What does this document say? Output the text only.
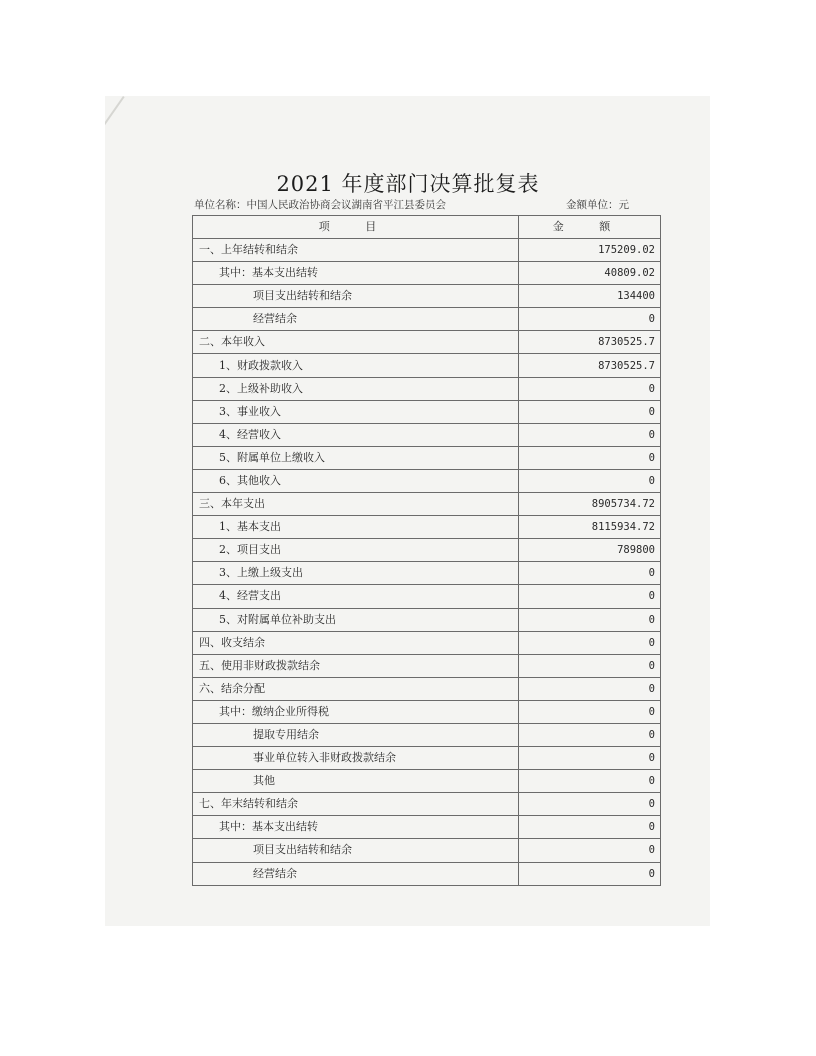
2021 年度部门决算批复表
单位名称：中国人民政治协商会议湖南省平江县委员会	金额单位：元
项 目	金 额
一、上年结转和结余	175209.02
其中：基本支出结转	40809.02
项目支出结转和结余	134400
经营结余	0
二、本年收入	8730525.7
1、财政拨款收入	8730525.7
2、上级补助收入	0
3、事业收入	0
4、经营收入	0
5、附属单位上缴收入	0
6、其他收入	0
三、本年支出	8905734.72
1、基本支出	8115934.72
2、项目支出	789800
3、上缴上级支出	0
4、经营支出	0
5、对附属单位补助支出	0
四、收支结余	0
五、使用非财政拨款结余	0
六、结余分配	0
其中：缴纳企业所得税	0
提取专用结余	0
事业单位转入非财政拨款结余	0
其他	0
七、年末结转和结余	0
其中：基本支出结转	0
项目支出结转和结余	0
经营结余	0
